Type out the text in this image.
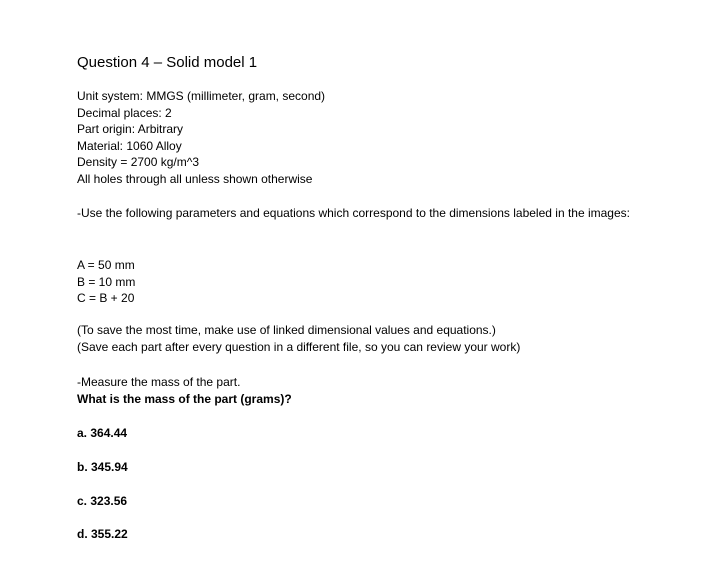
Question 4 – Solid model 1
Unit system: MMGS (millimeter, gram, second)
Decimal places: 2
Part origin: Arbitrary
Material: 1060 Alloy
Density = 2700 kg/m^3
All holes through all unless shown otherwise
-Use the following parameters and equations which correspond to the dimensions labeled in the images:
A = 50 mm
B = 10 mm
C = B + 20
(To save the most time, make use of linked dimensional values and equations.)
(Save each part after every question in a different file, so you can review your work)
-Measure the mass of the part.
What is the mass of the part (grams)?
a. 364.44
b. 345.94
c. 323.56
d. 355.22
